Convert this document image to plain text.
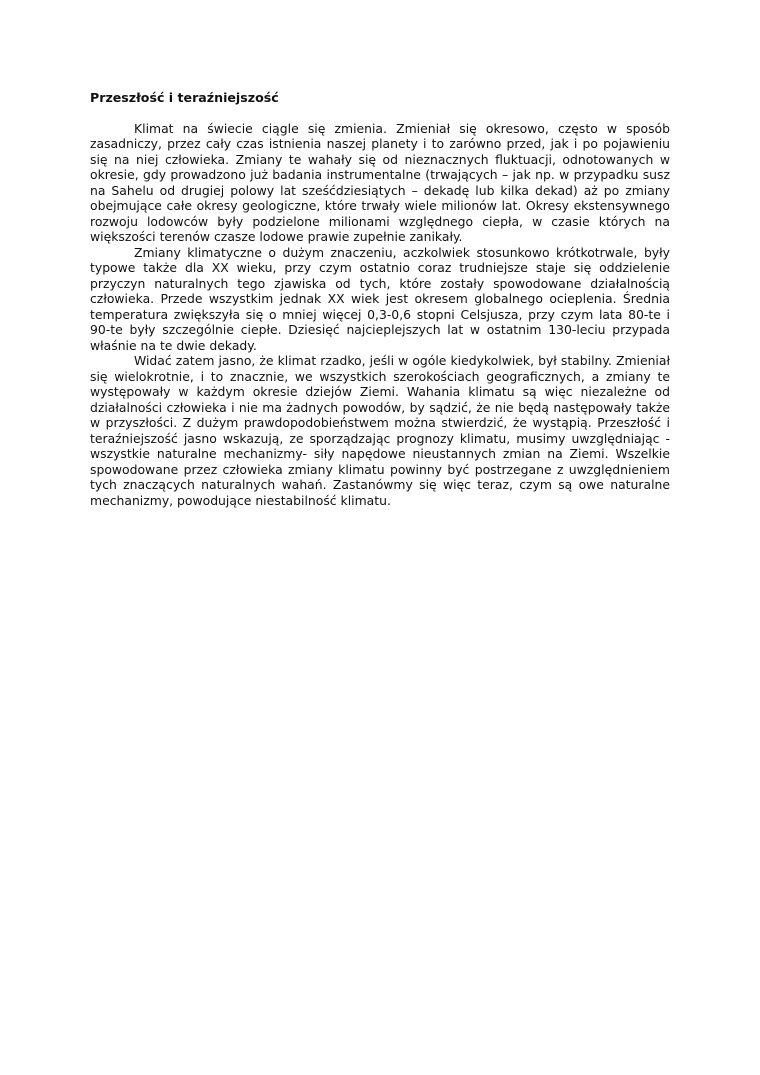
Przeszłość i teraźniejszość

Klimat na świecie ciągle się zmienia. Zmieniał się okresowo, często w sposób zasadniczy, przez cały czas istnienia naszej planety i to zarówno przed, jak i po pojawieniu się na niej człowieka. Zmiany te wahały się od nieznacznych fluktuacji, odnotowanych w okresie, gdy prowadzono już badania instrumentalne (trwających – jak np. w przypadku susz na Sahelu od drugiej polowy lat sześćdziesiątych – dekadę lub kilka dekad) aż po zmiany obejmujące całe okresy geologiczne, które trwały wiele milionów lat. Okresy ekstensywnego rozwoju lodowców były podzielone milionami względnego ciepła, w czasie których na większości terenów czasze lodowe prawie zupełnie zanikały.

Zmiany klimatyczne o dużym znaczeniu, aczkolwiek stosunkowo krótkotrwale, były typowe także dla XX wieku, przy czym ostatnio coraz trudniejsze staje się oddzielenie przyczyn naturalnych tego zjawiska od tych, które zostały spowodowane działalnością człowieka. Przede wszystkim jednak XX wiek jest okresem globalnego ocieplenia. Średnia temperatura zwiększyła się o mniej więcej 0,3-0,6 stopni Celsjusza, przy czym lata 80-te i 90-te były szczególnie ciepłe. Dziesięć najcieplejszych lat w ostatnim 130-leciu przypada właśnie na te dwie dekady.

Widać zatem jasno, że klimat rzadko, jeśli w ogóle kiedykolwiek, był stabilny. Zmieniał się wielokrotnie, i to znacznie, we wszystkich szerokościach geograficznych, a zmiany te występowały w każdym okresie dziejów Ziemi. Wahania klimatu są więc niezależne od działalności człowieka i nie ma żadnych powodów, by sądzić, że nie będą następowały także w przyszłości. Z dużym prawdopodobieństwem można stwierdzić, że wystąpią. Przeszłość i teraźniejszość jasno wskazują, ze sporządzając prognozy klimatu, musimy uwzględniając -wszystkie naturalne mechanizmy- siły napędowe nieustannych zmian na Ziemi. Wszelkie spowodowane przez człowieka zmiany klimatu powinny być postrzegane z uwzględnieniem tych znaczących naturalnych wahań. Zastanówmy się więc teraz, czym są owe naturalne mechanizmy, powodujące niestabilność klimatu.
